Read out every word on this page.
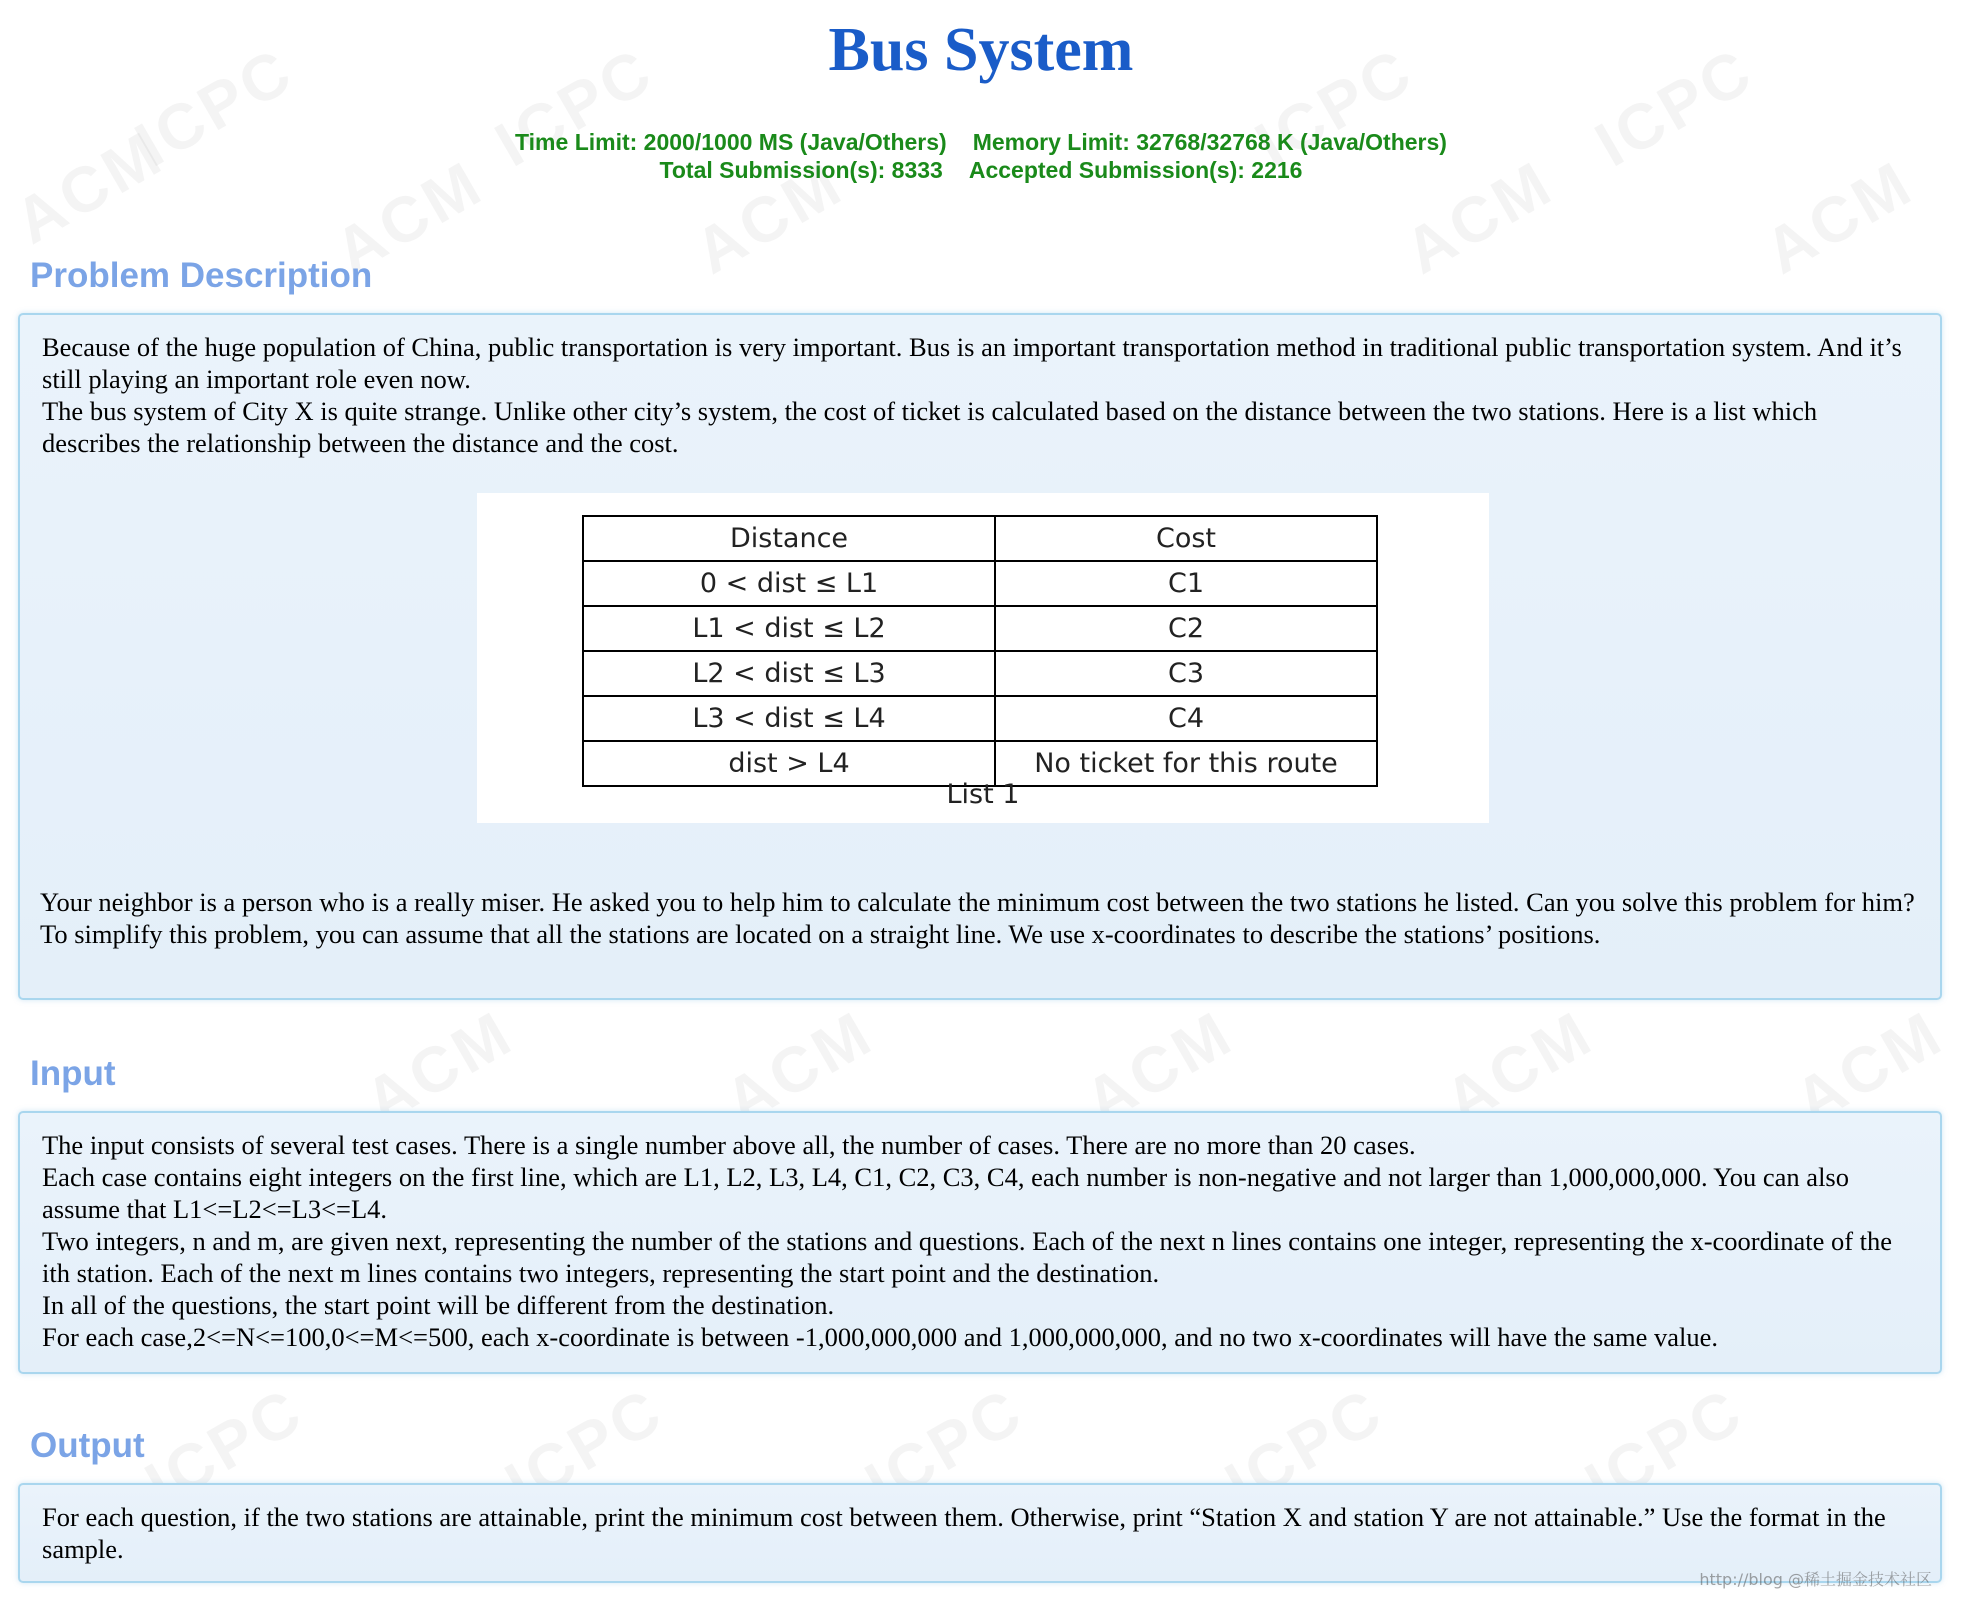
Bus System
Time Limit: 2000/1000 MS (Java/Others) Memory Limit: 32768/32768 K (Java/Others)
Total Submission(s): 8333 Accepted Submission(s): 2216
Problem Description

Because of the huge population of China, public transportation is very important. Bus is an important transportation method in traditional public transportation system. And it’s still playing an important role even now.

The bus system of City X is quite strange. Unlike other city’s system, the cost of ticket is calculated based on the distance between the two stations. Here is a list which describes the relationship between the distance and the cost.

Distance	Cost
0 < dist ≤ L1	C1
L1 < dist ≤ L2	C2
L2 < dist ≤ L3	C3
L3 < dist ≤ L4	C4
dist > L4	No ticket for this route
List 1

Your neighbor is a person who is a really miser. He asked you to help him to calculate the minimum cost between the two stations he listed. Can you solve this problem for him?

To simplify this problem, you can assume that all the stations are located on a straight line. We use x-coordinates to describe the stations’ positions.

Input

The input consists of several test cases. There is a single number above all, the number of cases. There are no more than 20 cases.

Each case contains eight integers on the first line, which are L1, L2, L3, L4, C1, C2, C3, C4, each number is non-negative and not larger than 1,000,000,000. You can also assume that L1<=L2<=L3<=L4.

Two integers, n and m, are given next, representing the number of the stations and questions. Each of the next n lines contains one integer, representing the x-coordinate of the ith station. Each of the next m lines contains two integers, representing the start point and the destination.

In all of the questions, the start point will be different from the destination.

For each case,2<=N<=100,0<=M<=500, each x-coordinate is between -1,000,000,000 and 1,000,000,000, and no two x-coordinates will have the same value.

Output

For each question, if the two stations are attainable, print the minimum cost between them. Otherwise, print “Station X and station Y are not attainable.” Use the format in the sample.

http://blog @稀土掘金技术社区
